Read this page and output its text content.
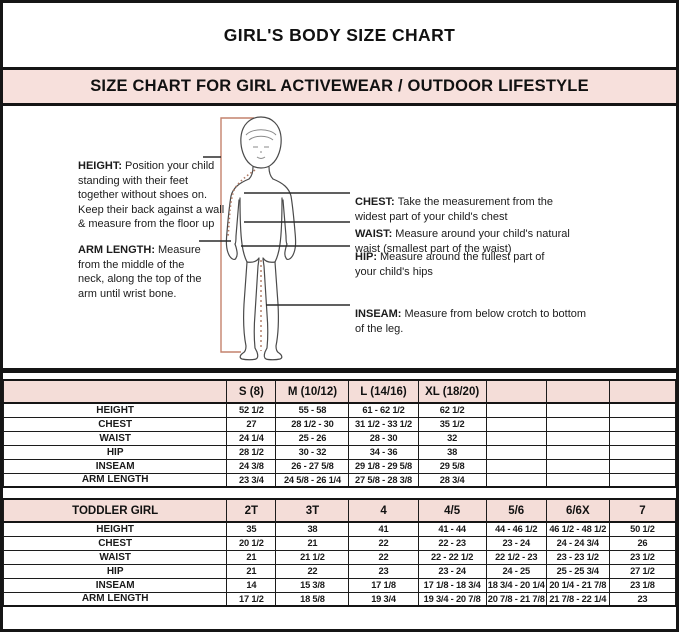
GIRL'S BODY SIZE CHART
SIZE CHART FOR GIRL ACTIVEWEAR / OUTDOOR LIFESTYLE

HEIGHT: Position your child standing with their feet together without shoes on. Keep their back against a wall & measure from the floor up

ARM LENGTH: Measure from the middle of the neck, along the top of the arm until wrist bone.

CHEST: Take the measurement from the widest part of your child's chest

WAIST: Measure around your child's natural waist (smallest part of the waist)

HIP: Measure around the fullest part of your child's hips

INSEAM: Measure from below crotch to bottom of the leg.

	S (8)	M (10/12)	L (14/16)	XL (18/20)			
HEIGHT	52 1/2	55 - 58	61 - 62 1/2	62 1/2			
CHEST	27	28 1/2 - 30	31 1/2 - 33 1/2	35 1/2			
WAIST	24 1/4	25 - 26	28 - 30	32			
HIP	28 1/2	30 - 32	34 - 36	38			
INSEAM	24 3/8	26 - 27 5/8	29 1/8 - 29 5/8	29 5/8			
ARM LENGTH	23 3/4	24 5/8 - 26 1/4	27 5/8 - 28 3/8	28 3/4			
TODDLER GIRL	2T	3T	4	4/5	5/6	6/6X	7
HEIGHT	35	38	41	41 - 44	44 - 46 1/2	46 1/2 - 48 1/2	50 1/2
CHEST	20 1/2	21	22	22 - 23	23 - 24	24 - 24 3/4	26
WAIST	21	21 1/2	22	22 - 22 1/2	22 1/2 - 23	23 - 23 1/2	23 1/2
HIP	21	22	23	23 - 24	24 - 25	25 - 25 3/4	27 1/2
INSEAM	14	15 3/8	17 1/8	17 1/8 - 18 3/4	18 3/4 - 20 1/4	20 1/4 - 21 7/8	23 1/8
ARM LENGTH	17 1/2	18 5/8	19 3/4	19 3/4 - 20 7/8	20 7/8 - 21 7/8	21 7/8 - 22 1/4	23
